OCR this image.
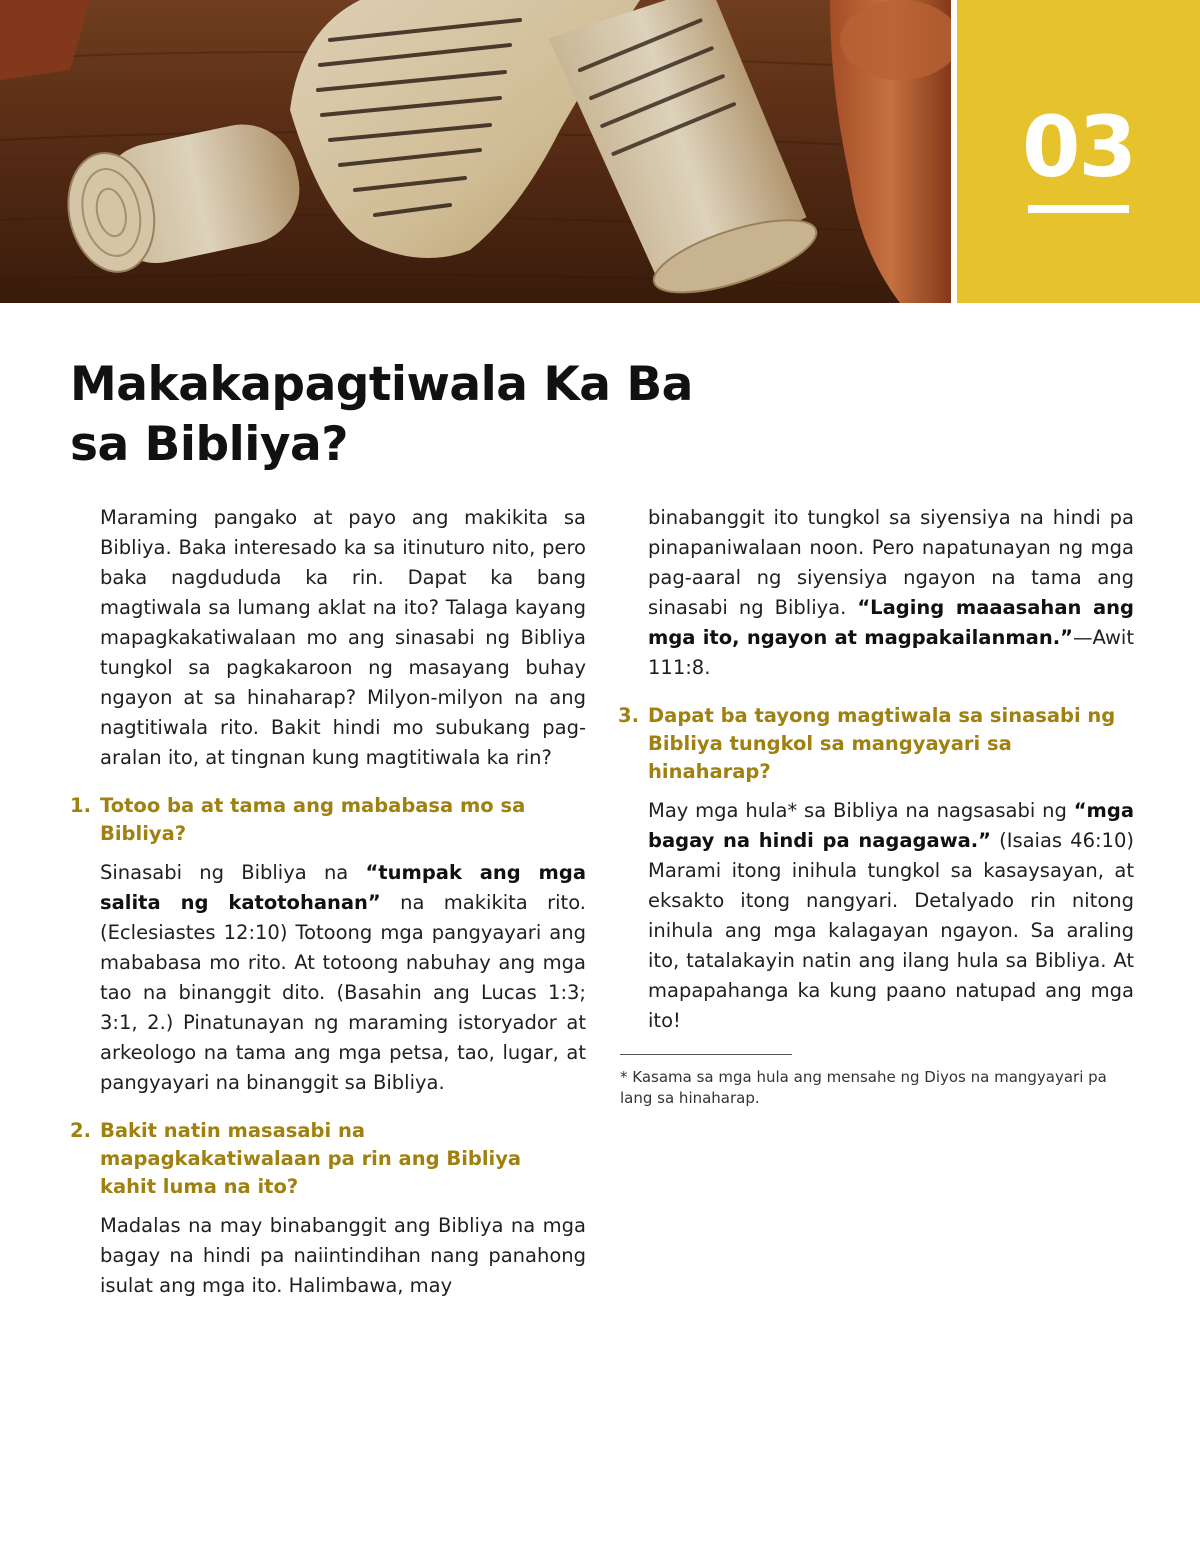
03
Makakapagtiwala Ka Ba
sa Bibliya?

Maraming pangako at payo ang makikita sa Bibliya. Baka interesado ka sa itinuturo nito, pero baka nagdududa ka rin. Dapat ka bang magtiwala sa lumang aklat na ito? Talaga kayang mapagkakatiwalaan mo ang sinasabi ng Bibliya tungkol sa pagkakaroon ng masayang buhay ngayon at sa hinaharap? Milyon-milyon na ang nagtitiwala rito. Bakit hindi mo subukang pag-aralan ito, at tingnan kung magtitiwala ka rin?

1. Totoo ba at tama ang mababasa mo sa Bibliya?

Sinasabi ng Bibliya na “tumpak ang mga salita ng katotohanan” na makikita rito. (Eclesiastes 12:10) Totoong mga pangyayari ang mababasa mo rito. At totoong nabuhay ang mga tao na binanggit dito. (Basahin ang Lucas 1:3; 3:1, 2.) Pinatunayan ng maraming istoryador at arkeologo na tama ang mga petsa, tao, lugar, at pangyayari na binanggit sa Bibliya.

2. Bakit natin masasabi na mapagkakatiwalaan pa rin ang Bibliya kahit luma na ito?

Madalas na may binabanggit ang Bibliya na mga bagay na hindi pa naiintindihan nang panahong isulat ang mga ito. Halimbawa, may

binabanggit ito tungkol sa siyensiya na hindi pa pinapaniwalaan noon. Pero napatunayan ng mga pag-aaral ng siyensiya ngayon na tama ang sinasabi ng Bibliya. “Laging maaasahan ang mga ito, ngayon at magpakailanman.”—Awit 111:8.

3. Dapat ba tayong magtiwala sa sinasabi ng Bibliya tungkol sa mangyayari sa hinaharap?

May mga hula* sa Bibliya na nagsasabi ng “mga bagay na hindi pa nagagawa.” (Isaias 46:10) Marami itong inihula tungkol sa kasaysayan, at eksakto itong nangyari. Detalyado rin nitong inihula ang mga kalagayan ngayon. Sa araling ito, tatalakayin natin ang ilang hula sa Bibliya. At mapapahanga ka kung paano natupad ang mga ito!

* Kasama sa mga hula ang mensahe ng Diyos na mangyayari pa lang sa hinaharap.
